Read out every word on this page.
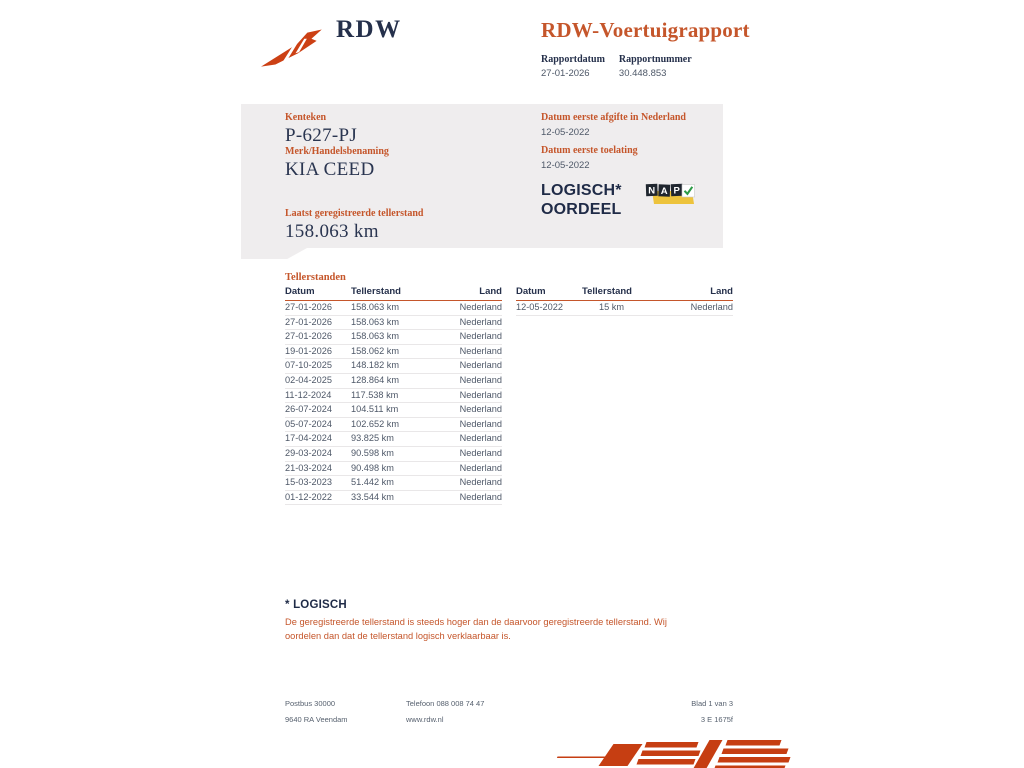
RDW	RDW-Voertuigrapport
Rapportdatum
27-01-2026
Rapportnummer
30.448.853
Kenteken
P-627-PJ
Merk/Handelsbenaming
KIA CEED
Laatst geregistreerde tellerstand
158.063 km
Datum eerste afgifte in Nederland
12-05-2022
Datum eerste toelating
12-05-2022
LOGISCH*
OORDEEL
N A P
Tellerstanden
Datum	Tellerstand	Land
27-01-2026	158.063 km	Nederland
27-01-2026	158.063 km	Nederland
27-01-2026	158.063 km	Nederland
19-01-2026	158.062 km	Nederland
07-10-2025	148.182 km	Nederland
02-04-2025	128.864 km	Nederland
11-12-2024	117.538 km	Nederland
26-07-2024	104.511 km	Nederland
05-07-2024	102.652 km	Nederland
17-04-2024	93.825 km	Nederland
29-03-2024	90.598 km	Nederland
21-03-2024	90.498 km	Nederland
15-03-2023	51.442 km	Nederland
01-12-2022	33.544 km	Nederland
Datum	Tellerstand	Land
12-05-2022	15 km	Nederland
* LOGISCH
De geregistreerde tellerstand is steeds hoger dan de daarvoor geregistreerde tellerstand. Wij oordelen dan dat de tellerstand logisch verklaarbaar is.
Postbus 30000	Telefoon 088 008 74 47	Blad 1 van 3
9640 RA Veendam	www.rdw.nl	3 E 1675f
